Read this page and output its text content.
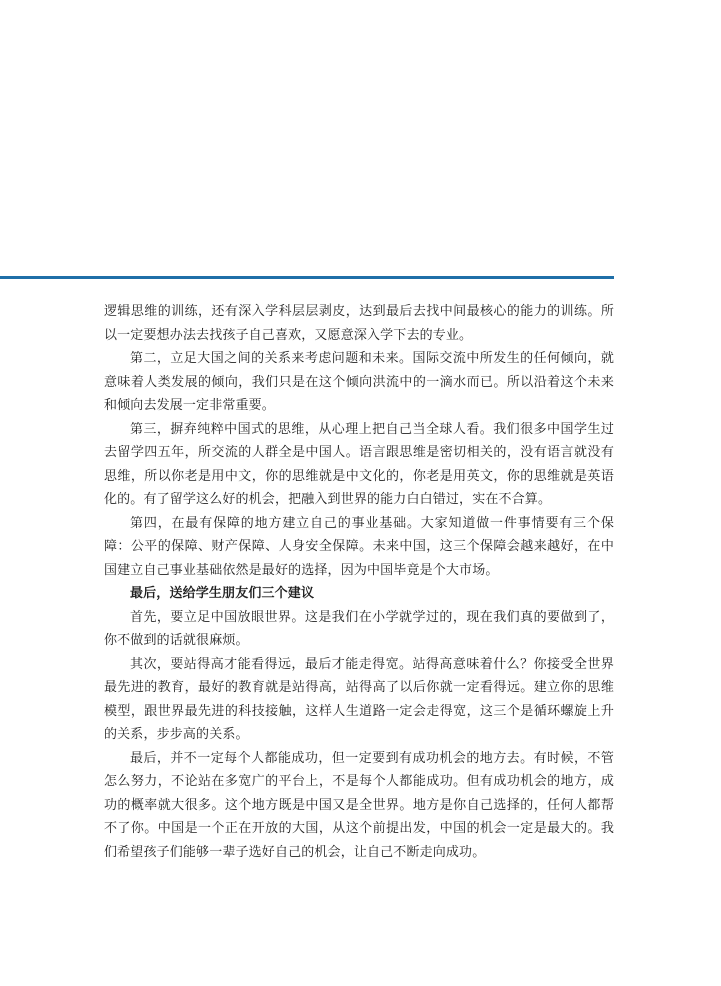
逻辑思维的训练，还有深入学科层层剥皮，达到最后去找中间最核心的能力的训练。所以一定要想办法去找孩子自己喜欢，又愿意深入学下去的专业。

第二，立足大国之间的关系来考虑问题和未来。国际交流中所发生的任何倾向，就意味着人类发展的倾向，我们只是在这个倾向洪流中的一滴水而已。所以沿着这个未来和倾向去发展一定非常重要。

第三，摒弃纯粹中国式的思维，从心理上把自己当全球人看。我们很多中国学生过去留学四五年，所交流的人群全是中国人。语言跟思维是密切相关的，没有语言就没有思维，所以你老是用中文，你的思维就是中文化的，你老是用英文，你的思维就是英语化的。有了留学这么好的机会，把融入到世界的能力白白错过，实在不合算。

第四，在最有保障的地方建立自己的事业基础。大家知道做一件事情要有三个保障：公平的保障、财产保障、人身安全保障。未来中国，这三个保障会越来越好，在中国建立自己事业基础依然是最好的选择，因为中国毕竟是个大市场。

最后，送给学生朋友们三个建议

首先，要立足中国放眼世界。这是我们在小学就学过的，现在我们真的要做到了，你不做到的话就很麻烦。

其次，要站得高才能看得远，最后才能走得宽。站得高意味着什么？你接受全世界最先进的教育，最好的教育就是站得高，站得高了以后你就一定看得远。建立你的思维模型，跟世界最先进的科技接触，这样人生道路一定会走得宽，这三个是循环螺旋上升的关系，步步高的关系。

最后，并不一定每个人都能成功，但一定要到有成功机会的地方去。有时候，不管怎么努力，不论站在多宽广的平台上，不是每个人都能成功。但有成功机会的地方，成功的概率就大很多。这个地方既是中国又是全世界。地方是你自己选择的，任何人都帮不了你。中国是一个正在开放的大国，从这个前提出发，中国的机会一定是最大的。我们希望孩子们能够一辈子选好自己的机会，让自己不断走向成功。
